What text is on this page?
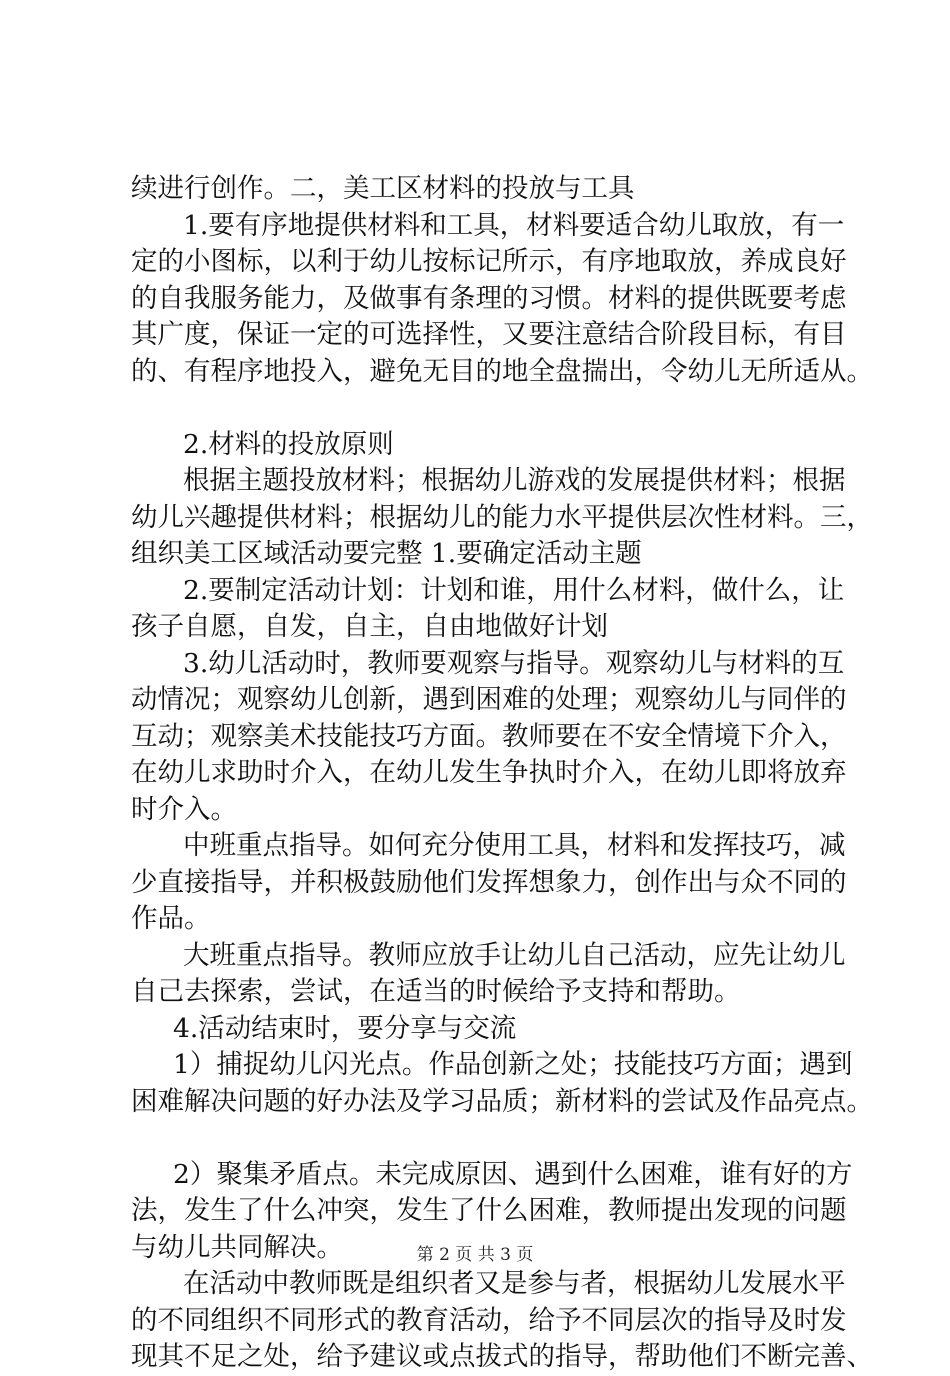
续进行创作。二，美工区材料的投放与工具
1.要有序地提供材料和工具，材料要适合幼儿取放，有一
定的小图标，以利于幼儿按标记所示，有序地取放，养成良好
的自我服务能力，及做事有条理的习惯。材料的提供既要考虑
其广度，保证一定的可选择性，又要注意结合阶段目标，有目
的、有程序地投入，避免无目的地全盘揣出，令幼儿无所适从。
2.材料的投放原则
根据主题投放材料；根据幼儿游戏的发展提供材料；根据
幼儿兴趣提供材料；根据幼儿的能力水平提供层次性材料。三，
组织美工区域活动要完整 1.要确定活动主题
2.要制定活动计划：计划和谁，用什么材料，做什么，让
孩子自愿，自发，自主，自由地做好计划
3.幼儿活动时，教师要观察与指导。观察幼儿与材料的互
动情况；观察幼儿创新，遇到困难的处理；观察幼儿与同伴的
互动；观察美术技能技巧方面。教师要在不安全情境下介入，
在幼儿求助时介入，在幼儿发生争执时介入，在幼儿即将放弃
时介入。
中班重点指导。如何充分使用工具，材料和发挥技巧，减
少直接指导，并积极鼓励他们发挥想象力，创作出与众不同的
作品。
大班重点指导。教师应放手让幼儿自己活动，应先让幼儿
自己去探索，尝试，在适当的时候给予支持和帮助。
4.活动结束时，要分享与交流
1）捕捉幼儿闪光点。作品创新之处；技能技巧方面；遇到
困难解决问题的好办法及学习品质；新材料的尝试及作品亮点。
2）聚集矛盾点。未完成原因、遇到什么困难，谁有好的方
法，发生了什么冲突，发生了什么困难，教师提出发现的问题
与幼儿共同解决。
在活动中教师既是组织者又是参与者，根据幼儿发展水平
的不同组织不同形式的教育活动，给予不同层次的指导及时发
现其不足之处，给予建议或点拔式的指导，帮助他们不断完善、
第 2 页 共 3 页
